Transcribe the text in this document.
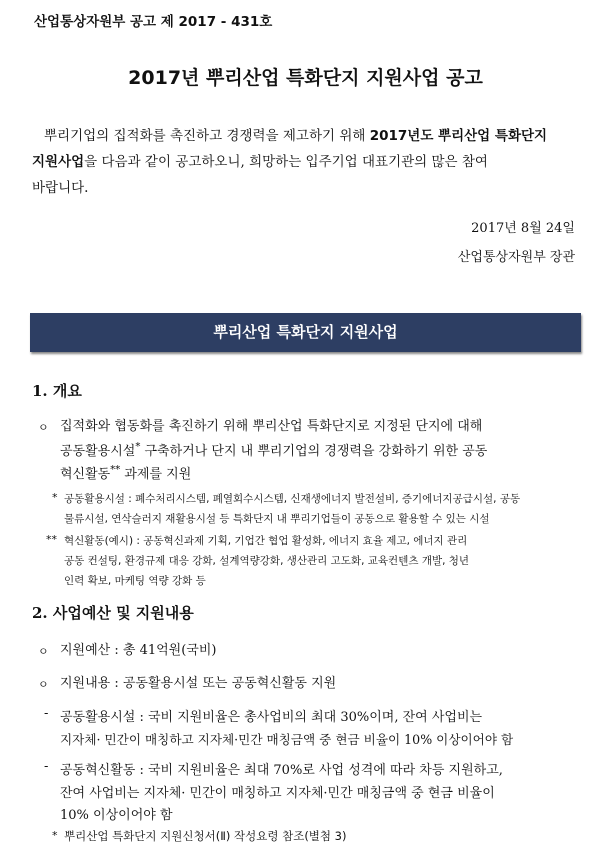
산업통상자원부 공고 제 2017 - 431호
2017년 뿌리산업 특화단지 지원사업 공고
뿌리기업의 집적화를 촉진하고 경쟁력을 제고하기 위해 2017년도 뿌리산업 특화단지
지원사업을 다음과 같이 공고하오니, 희망하는 입주기업 대표기관의 많은 참여
바랍니다.
2017년 8월 24일
산업통상자원부 장관
뿌리산업 특화단지 지원사업
1. 개요
ㅇ 집적화와 협동화를 촉진하기 위해 뿌리산업 특화단지로 지정된 단지에 대해
공동활용시설* 구축하거나 단지 내 뿌리기업의 경쟁력을 강화하기 위한 공동
혁신활동** 과제를 지원
* 공동활용시설 : 폐수처리시스템, 폐열회수시스템, 신재생에너지 발전설비, 증기에너지공급시설, 공동
물류시설, 연삭슬러지 재활용시설 등 특화단지 내 뿌리기업들이 공동으로 활용할 수 있는 시설
** 혁신활동(예시) : 공동혁신과제 기획, 기업간 협업 활성화, 에너지 효율 제고, 에너지 관리
공동 컨설팅, 환경규제 대응 강화, 설계역량강화, 생산관리 고도화, 교육컨텐츠 개발, 청년
인력 확보, 마케팅 역량 강화 등
2. 사업예산 및 지원내용
ㅇ 지원예산 : 총 41억원(국비)
ㅇ 지원내용 : 공동활용시설 또는 공동혁신활동 지원
- 공동활용시설 : 국비 지원비율은 총사업비의 최대 30%이며, 잔여 사업비는
지자체· 민간이 매칭하고 지자체·민간 매칭금액 중 현금 비율이 10% 이상이어야 함
- 공동혁신활동 : 국비 지원비율은 최대 70%로 사업 성격에 따라 차등 지원하고,
잔여 사업비는 지자체· 민간이 매칭하고 지자체·민간 매칭금액 중 현금 비율이
10% 이상이어야 함
* 뿌리산업 특화단지 지원신청서(Ⅱ) 작성요령 참조(별첨 3)
